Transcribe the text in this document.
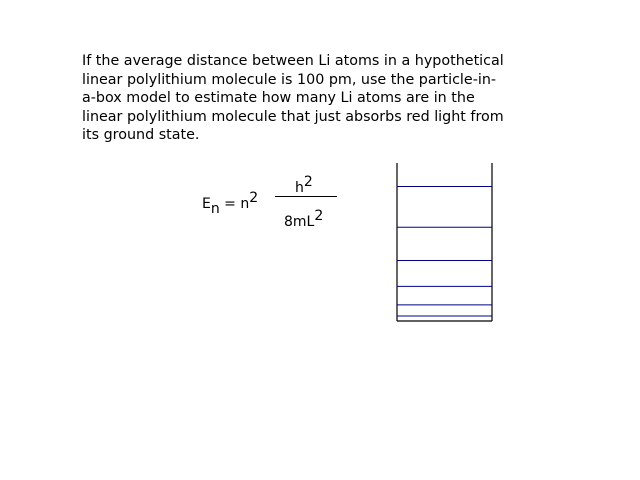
If the average distance between Li atoms in a hypothetical
linear polylithium molecule is 100 pm, use the particle-in-
a-box model to estimate how many Li atoms are in the
linear polylithium molecule that just absorbs red light from
its ground state.

$E_n = n^2$
$h^2$
$8mL^2$
